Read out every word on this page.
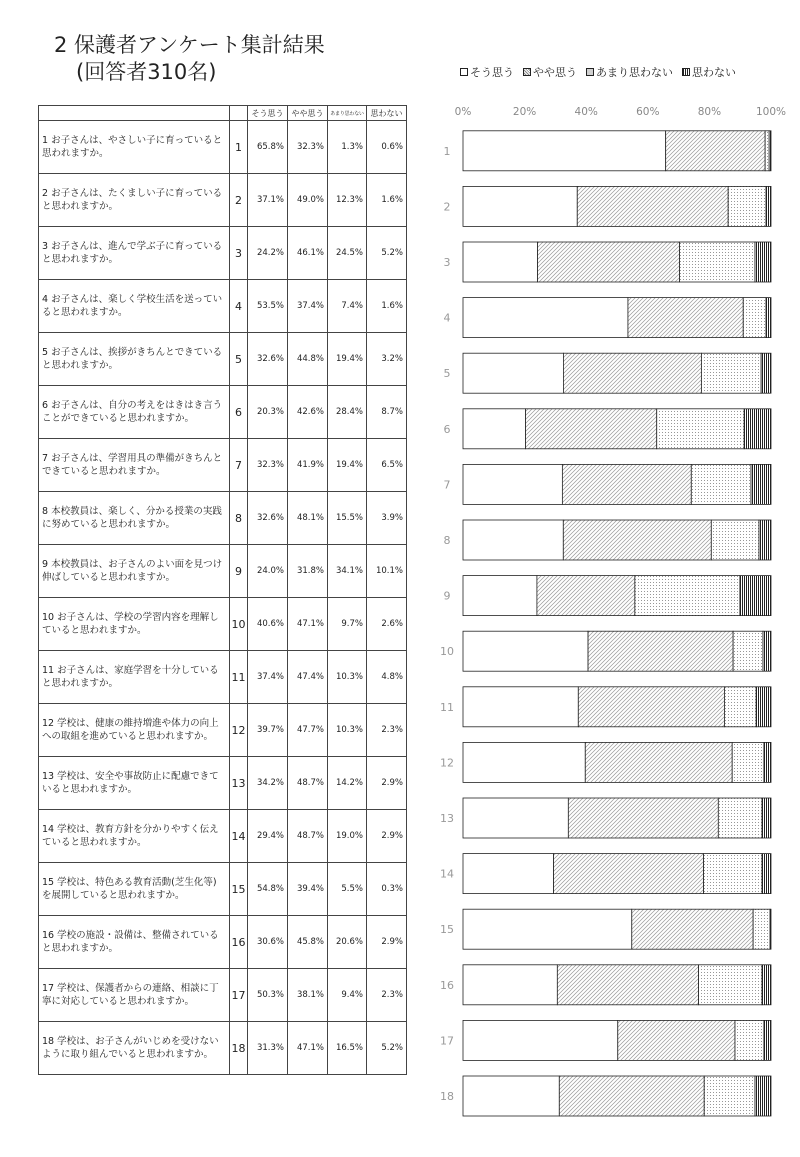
2 保護者アンケート集計結果
(回答者310名)	そう思う やや思う あまり思わない 思わない
		そう思う	やや思う	あまり思わない	思わない
1 お子さんは、やさしい子に育っていると思われますか。	1	65.8%	32.3%	1.3%	0.6%
2 お子さんは、たくましい子に育っていると思われますか。	2	37.1%	49.0%	12.3%	1.6%
3 お子さんは、進んで学ぶ子に育っていると思われますか。	3	24.2%	46.1%	24.5%	5.2%
4 お子さんは、楽しく学校生活を送っていると思われますか。	4	53.5%	37.4%	7.4%	1.6%
5 お子さんは、挨拶がきちんとできていると思われますか。	5	32.6%	44.8%	19.4%	3.2%
6 お子さんは、自分の考えをはきはき言うことができていると思われますか。	6	20.3%	42.6%	28.4%	8.7%
7 お子さんは、学習用具の準備がきちんとできていると思われますか。	7	32.3%	41.9%	19.4%	6.5%
8 本校教員は、楽しく、分かる授業の実践に努めていると思われますか。	8	32.6%	48.1%	15.5%	3.9%
9 本校教員は、お子さんのよい面を見つけ伸ばしていると思われますか。	9	24.0%	31.8%	34.1%	10.1%
10 お子さんは、学校の学習内容を理解していると思われますか。	10	40.6%	47.1%	9.7%	2.6%
11 お子さんは、家庭学習を十分していると思われますか。	11	37.4%	47.4%	10.3%	4.8%
12 学校は、健康の維持増進や体力の向上への取組を進めていると思われますか。	12	39.7%	47.7%	10.3%	2.3%
13 学校は、安全や事故防止に配慮できていると思われますか。	13	34.2%	48.7%	14.2%	2.9%
14 学校は、教育方針を分かりやすく伝えていると思われますか。	14	29.4%	48.7%	19.0%	2.9%
15 学校は、特色ある教育活動(芝生化等)を展開していると思われますか。	15	54.8%	39.4%	5.5%	0.3%
16 学校の施設・設備は、整備されていると思われますか。	16	30.6%	45.8%	20.6%	2.9%
17 学校は、保護者からの連絡、相談に丁寧に対応していると思われますか。	17	50.3%	38.1%	9.4%	2.3%
18 学校は、お子さんがいじめを受けないように取り組んでいると思われますか。	18	31.3%	47.1%	16.5%	5.2%
0%	20%	40%	60%	80%	100%
1
2
3
4
5
6
7
8
9
10
11
12
13
14
15
16
17
18
